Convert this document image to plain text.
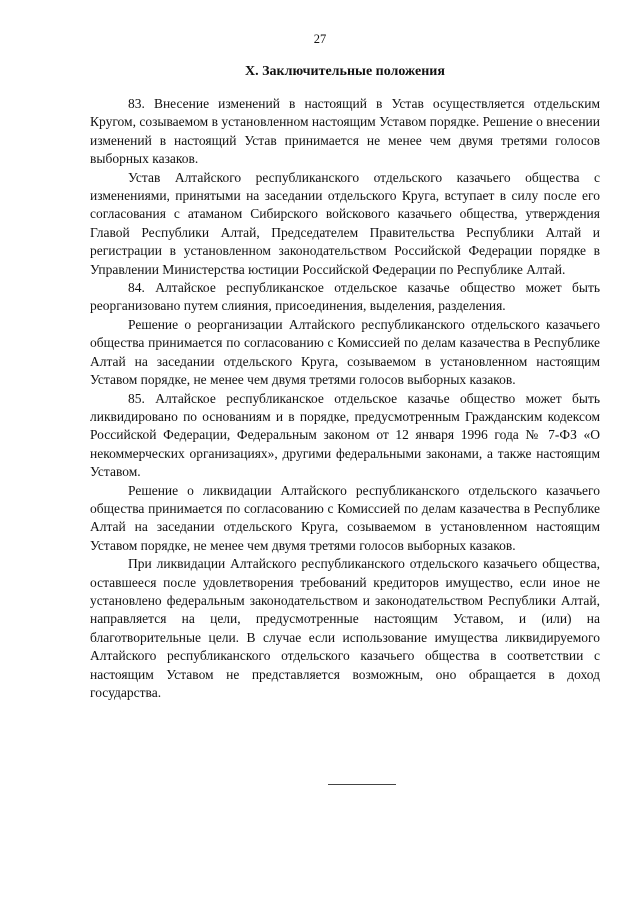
27
X. Заключительные положения

83. Внесение изменений в настоящий в Устав осуществляется отдельским Кругом, созываемом в установленном настоящим Уставом порядке. Решение о внесении изменений в настоящий Устав принимается не менее чем двумя третями голосов выборных казаков.

Устав Алтайского республиканского отдельского казачьего общества с изменениями, принятыми на заседании отдельского Круга, вступает в силу после его согласования с атаманом Сибирского войскового казачьего общества, утверждения Главой Республики Алтай, Председателем Правительства Республики Алтай и регистрации в установленном законодательством Российской Федерации порядке в Управлении Министерства юстиции Российской Федерации по Республике Алтай.

84. Алтайское республиканское отдельское казачье общество может быть реорганизовано путем слияния, присоединения, выделения, разделения.

Решение о реорганизации Алтайского республиканского отдельского казачьего общества принимается по согласованию с Комиссией по делам казачества в Республике Алтай на заседании отдельского Круга, созываемом в установленном настоящим Уставом порядке, не менее чем двумя третями голосов выборных казаков.

85. Алтайское республиканское отдельское казачье общество может быть ликвидировано по основаниям и в порядке, предусмотренным Гражданским кодексом Российской Федерации, Федеральным законом от 12 января 1996 года № 7-ФЗ «О некоммерческих организациях», другими федеральными законами, а также настоящим Уставом.

Решение о ликвидации Алтайского республиканского отдельского казачьего общества принимается по согласованию с Комиссией по делам казачества в Республике Алтай на заседании отдельского Круга, созываемом в установленном настоящим Уставом порядке, не менее чем двумя третями голосов выборных казаков.

При ликвидации Алтайского республиканского отдельского казачьего общества, оставшееся после удовлетворения требований кредиторов имущество, если иное не установлено федеральным законодательством и законодательством Республики Алтай, направляется на цели, предусмотренные настоящим Уставом, и (или) на благотворительные цели. В случае если использование имущества ликвидируемого Алтайского республиканского отдельского казачьего общества в соответствии с настоящим Уставом не представляется возможным, оно обращается в доход государства.
